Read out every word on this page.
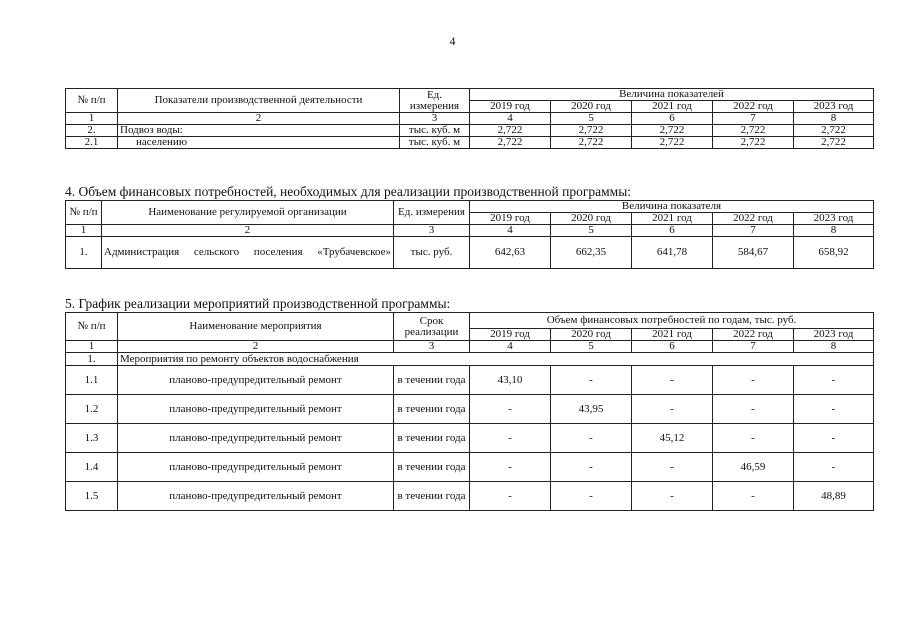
4
№ п/п	Показатели производственной деятельности	Ед. измерения	Величина показателей				
			2019 год	2020 год	2021 год	2022 год	2023 год
1	2	3	4	5	6	7	8
2.	Подвоз воды:	тыс. куб. м	2,722	2,722	2,722	2,722	2,722
2.1	населению	тыс. куб. м	2,722	2,722	2,722	2,722	2,722
4. Объем финансовых потребностей, необходимых для реализации производственной программы:
№ п/п	Наименование регулируемой организации	Ед. измерения	Величина показателя				
			2019 год	2020 год	2021 год	2022 год	2023 год
1	2	3	4	5	6	7	8
1.	Администрация сельского поселения «Трубачевское»	тыс. руб.	642,63	662,35	641,78	584,67	658,92
5. График реализации мероприятий производственной программы:
№ п/п	Наименование мероприятия	Срок реализации	Объем финансовых потребностей по годам, тыс. руб.				
			2019 год	2020 год	2021 год	2022 год	2023 год
1	2	3	4	5	6	7	8
1.	Мероприятия по ремонту объектов водоснабжения						
1.1	планово-предупредительный ремонт	в течении года	43,10	-	-	-	-
1.2	планово-предупредительный ремонт	в течении года	-	43,95	-	-	-
1.3	планово-предупредительный ремонт	в течении года	-	-	45,12	-	-
1.4	планово-предупредительный ремонт	в течении года	-	-	-	46,59	-
1.5	планово-предупредительный ремонт	в течении года	-	-	-	-	48,89
